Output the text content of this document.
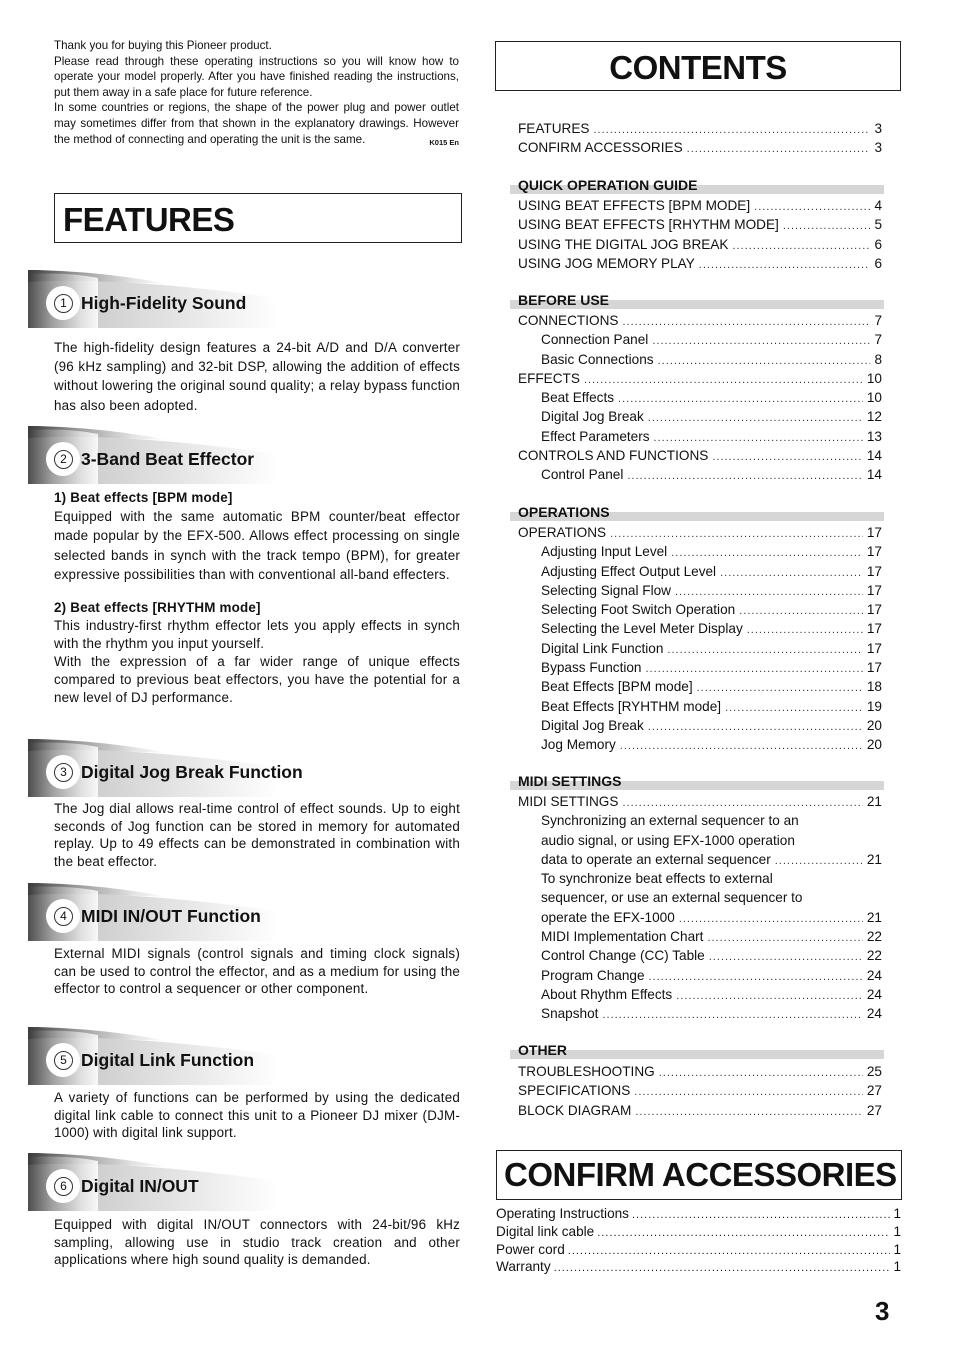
Thank you for buying this Pioneer product.

Please read through these operating instructions so you will know how to operate your model properly. After you have finished reading the instructions, put them away in a safe place for future reference.

In some countries or regions, the shape of the power plug and power outlet may sometimes differ from that shown in the explanatory drawings. However the method of connecting and operating the unit is the same.	K015 En

FEATURES
1 High-Fidelity Sound

The high-fidelity design features a 24-bit A/D and D/A converter (96 kHz sampling) and 32-bit DSP, allowing the addition of effects without lowering the original sound quality; a relay bypass function has also been adopted.

2 3-Band Beat Effector

1) Beat effects [BPM mode]

Equipped with the same automatic BPM counter/beat effector made popular by the EFX-500. Allows effect processing on single selected bands in synch with the track tempo (BPM), for greater expressive possibilities than with conventional all-band effecters.

2) Beat effects [RHYTHM mode]

This industry-first rhythm effector lets you apply effects in synch with the rhythm you input yourself.

With the expression of a far wider range of unique effects compared to previous beat effectors, you have the potential for a new level of DJ performance.

3 Digital Jog Break Function

The Jog dial allows real-time control of effect sounds. Up to eight seconds of Jog function can be stored in memory for automated replay. Up to 49 effects can be demonstrated in combination with the beat effector.

4 MIDI IN/OUT Function

External MIDI signals (control signals and timing clock signals) can be used to control the effector, and as a medium for using the effector to control a sequencer or other component.

5 Digital Link Function

A variety of functions can be performed by using the dedicated digital link cable to connect this unit to a Pioneer DJ mixer (DJM-1000) with digital link support.

6 Digital IN/OUT

Equipped with digital IN/OUT connectors with 24-bit/96 kHz sampling, allowing use in studio track creation and other applications where high sound quality is demanded.

CONTENTS
FEATURES .....	3
CONFIRM ACCESSORIES .....	3
QUICK OPERATION GUIDE
USING BEAT EFFECTS [BPM MODE] .....	4
USING BEAT EFFECTS [RHYTHM MODE] .....	5
USING THE DIGITAL JOG BREAK .....	6
USING JOG MEMORY PLAY .....	6
BEFORE USE
CONNECTIONS .....	7
Connection Panel .....	7
Basic Connections .....	8
EFFECTS .....	10
Beat Effects .....	10
Digital Jog Break .....	12
Effect Parameters .....	13
CONTROLS AND FUNCTIONS .....	14
Control Panel .....	14
OPERATIONS
OPERATIONS .....	17
Adjusting Input Level .....	17
Adjusting Effect Output Level .....	17
Selecting Signal Flow .....	17
Selecting Foot Switch Operation .....	17
Selecting the Level Meter Display .....	17
Digital Link Function .....	17
Bypass Function .....	17
Beat Effects [BPM mode] .....	18
Beat Effects [RYHTHM mode] .....	19
Digital Jog Break .....	20
Jog Memory .....	20
MIDI SETTINGS
MIDI SETTINGS .....	21
Synchronizing an external sequencer to an
audio signal, or using EFX-1000 operation
data to operate an external sequencer .....	21
To synchronize beat effects to external
sequencer, or use an external sequencer to
operate the EFX-1000 .....	21
MIDI Implementation Chart .....	22
Control Change (CC) Table .....	22
Program Change .....	24
About Rhythm Effects .....	24
Snapshot .....	24
OTHER
TROUBLESHOOTING .....	25
SPECIFICATIONS .....	27
BLOCK DIAGRAM .....	27
CONFIRM ACCESSORIES
Operating Instructions .....	1
Digital link cable .....	1
Power cord .....	1
Warranty .....	1
3
